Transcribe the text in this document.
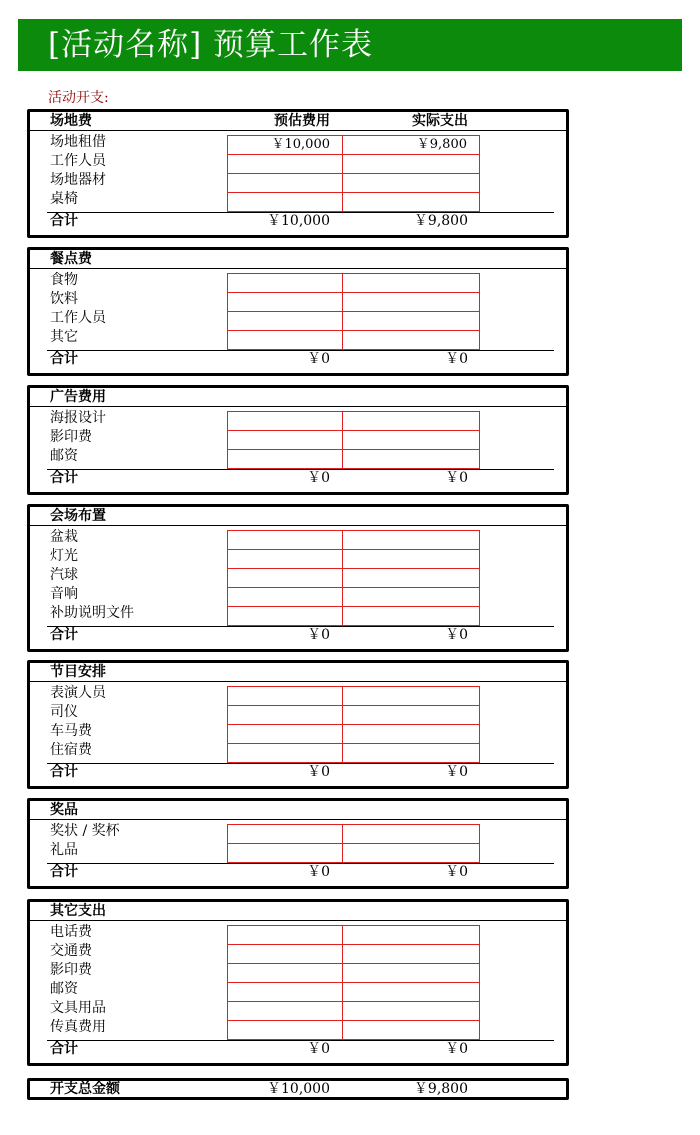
[活动名称] 预算工作表
活动开支:
场地费	预估费用	实际支出
场地租借	￥10,000	￥9,800
工作人员
场地器材
桌椅
合计	￥10,000	￥9,800
餐点费
食物
饮料
工作人员
其它
合计	￥0	￥0
广告费用
海报设计
影印费
邮资
合计	￥0	￥0
会场布置
盆栽
灯光
汽球
音响
补助说明文件
合计	￥0	￥0
节目安排
表演人员
司仪
车马费
住宿费
合计	￥0	￥0
奖品
奖状 / 奖杯
礼品
合计	￥0	￥0
其它支出
电话费
交通费
影印费
邮资
文具用品
传真费用
合计	￥0	￥0
开支总金额	￥10,000	￥9,800
